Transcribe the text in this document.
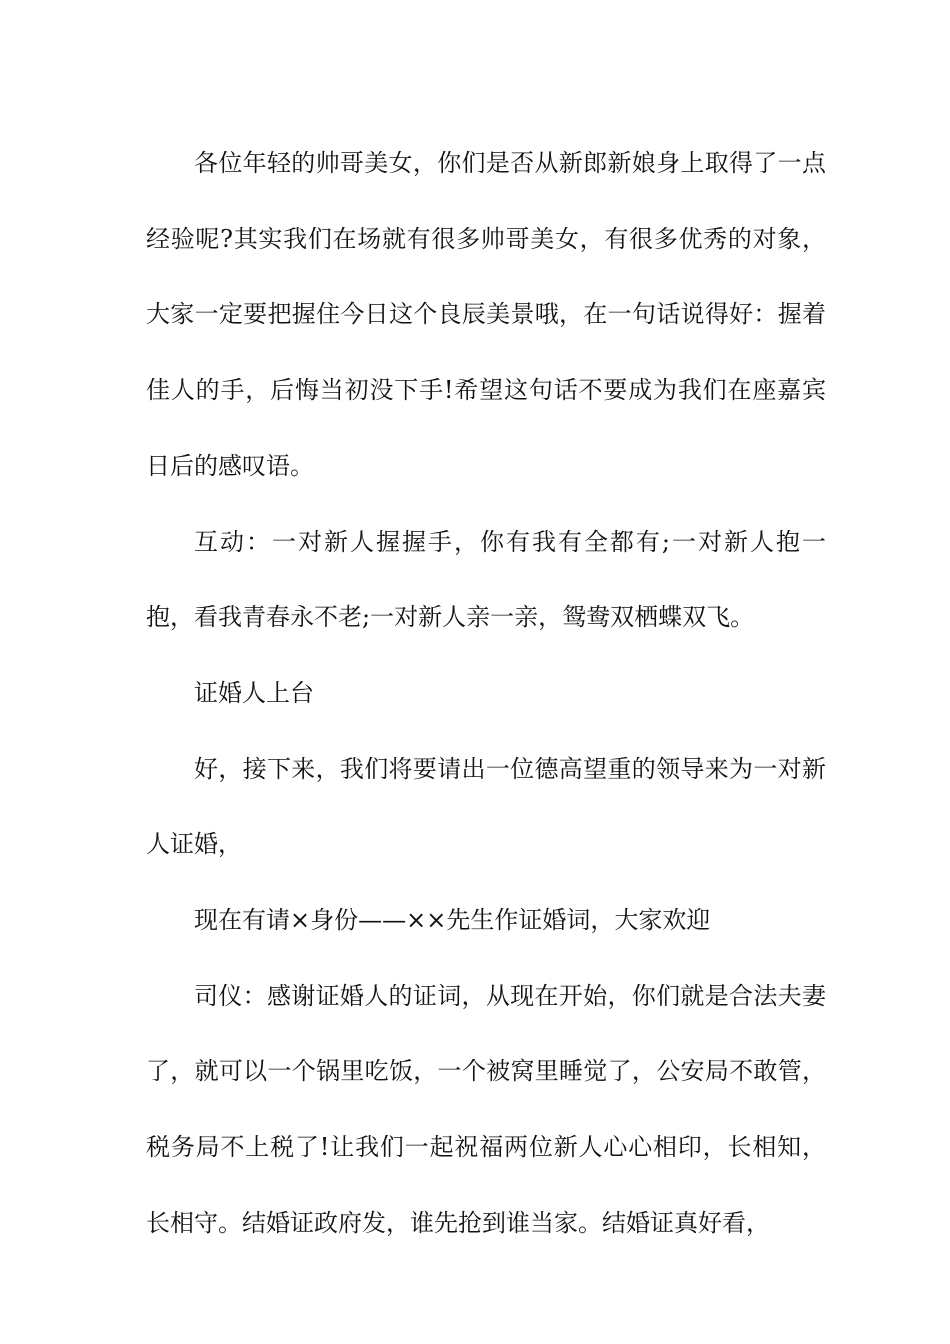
各位年轻的帅哥美女，你们是否从新郎新娘身上取得了一点经验呢?其实我们在场就有很多帅哥美女，有很多优秀的对象，大家一定要把握住今日这个良辰美景哦，在一句话说得好：握着佳人的手，后悔当初没下手!希望这句话不要成为我们在座嘉宾日后的感叹语。

互动：一对新人握握手，你有我有全都有;一对新人抱一抱，看我青春永不老;一对新人亲一亲，鸳鸯双栖蝶双飞。

证婚人上台

好，接下来，我们将要请出一位德高望重的领导来为一对新人证婚，

现在有请×身份——××先生作证婚词，大家欢迎

司仪：感谢证婚人的证词，从现在开始，你们就是合法夫妻了，就可以一个锅里吃饭，一个被窝里睡觉了，公安局不敢管，税务局不上税了!让我们一起祝福两位新人心心相印，长相知，长相守。结婚证政府发，谁先抢到谁当家。结婚证真好看，
